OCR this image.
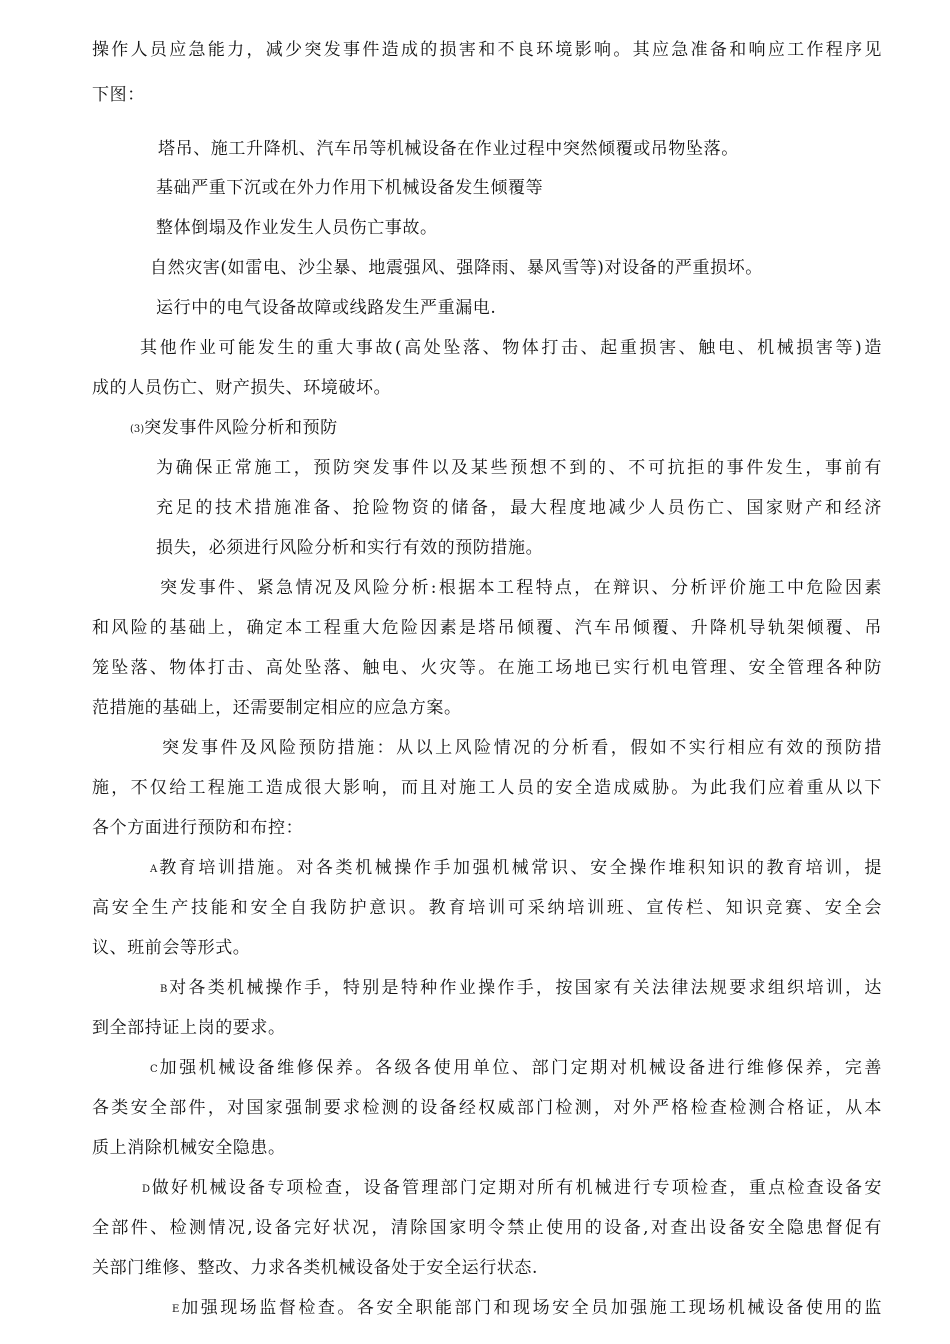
操作人员应急能力，减少突发事件造成的损害和不良环境影响。其应急准备和响应工作程序见
下图：
塔吊、施工升降机、汽车吊等机械设备在作业过程中突然倾覆或吊物坠落。
基础严重下沉或在外力作用下机械设备发生倾覆等
整体倒塌及作业发生人员伤亡事故。
自然灾害(如雷电、沙尘暴、地震强风、强降雨、暴风雪等)对设备的严重损坏。
运行中的电气设备故障或线路发生严重漏电.
其他作业可能发生的重大事故(高处坠落、物体打击、起重损害、触电、机械损害等)造
成的人员伤亡、财产损失、环境破坏。
(3)突发事件风险分析和预防
为确保正常施工，预防突发事件以及某些预想不到的、不可抗拒的事件发生，事前有
充足的技术措施准备、抢险物资的储备，最大程度地减少人员伤亡、国家财产和经济
损失，必须进行风险分析和实行有效的预防措施。
突发事件、紧急情况及风险分析:根据本工程特点，在辩识、分析评价施工中危险因素
和风险的基础上，确定本工程重大危险因素是塔吊倾覆、汽车吊倾覆、升降机导轨架倾覆、吊
笼坠落、物体打击、高处坠落、触电、火灾等。在施工场地已实行机电管理、安全管理各种防
范措施的基础上，还需要制定相应的应急方案。
突发事件及风险预防措施：从以上风险情况的分析看，假如不实行相应有效的预防措
施，不仅给工程施工造成很大影响，而且对施工人员的安全造成威胁。为此我们应着重从以下
各个方面进行预防和布控：
A教育培训措施。对各类机械操作手加强机械常识、安全操作堆积知识的教育培训，提
高安全生产技能和安全自我防护意识。教育培训可采纳培训班、宣传栏、知识竞赛、安全会
议、班前会等形式。
B对各类机械操作手，特别是特种作业操作手，按国家有关法律法规要求组织培训，达
到全部持证上岗的要求。
C加强机械设备维修保养。各级各使用单位、部门定期对机械设备进行维修保养，完善
各类安全部件，对国家强制要求检测的设备经权威部门检测，对外严格检查检测合格证，从本
质上消除机械安全隐患。
D做好机械设备专项检查，设备管理部门定期对所有机械进行专项检查，重点检查设备安
全部件、检测情况,设备完好状况，清除国家明令禁止使用的设备,对查出设备安全隐患督促有
关部门维修、整改、力求各类机械设备处于安全运行状态.
E加强现场监督检查。各安全职能部门和现场安全员加强施工现场机械设备使用的监
